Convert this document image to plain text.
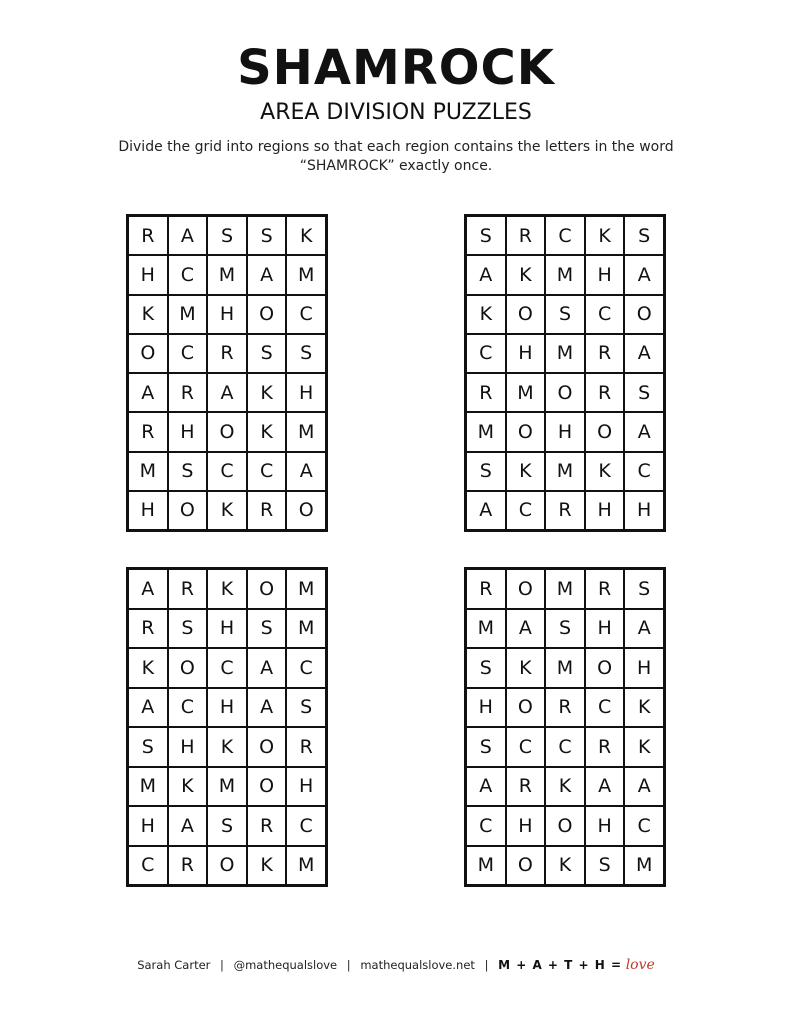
SHAMROCK
AREA DIVISION PUZZLES
Divide the grid into regions so that each region contains the letters in the word “SHAMROCK” exactly once.
R	A	S	S	K
H	C	M	A	M
K	M	H	O	C
O	C	R	S	S
A	R	A	K	H
R	H	O	K	M
M	S	C	C	A
H	O	K	R	O
S	R	C	K	S
A	K	M	H	A
K	O	S	C	O
C	H	M	R	A
R	M	O	R	S
M	O	H	O	A
S	K	M	K	C
A	C	R	H	H
A	R	K	O	M
R	S	H	S	M
K	O	C	A	C
A	C	H	A	S
S	H	K	O	R
M	K	M	O	H
H	A	S	R	C
C	R	O	K	M
R	O	M	R	S
M	A	S	H	A
S	K	M	O	H
H	O	R	C	K
S	C	C	R	K
A	R	K	A	A
C	H	O	H	C
M	O	K	S	M
Sarah Carter | @mathequalslove | mathequalslove.net | M + A + T + H = love
